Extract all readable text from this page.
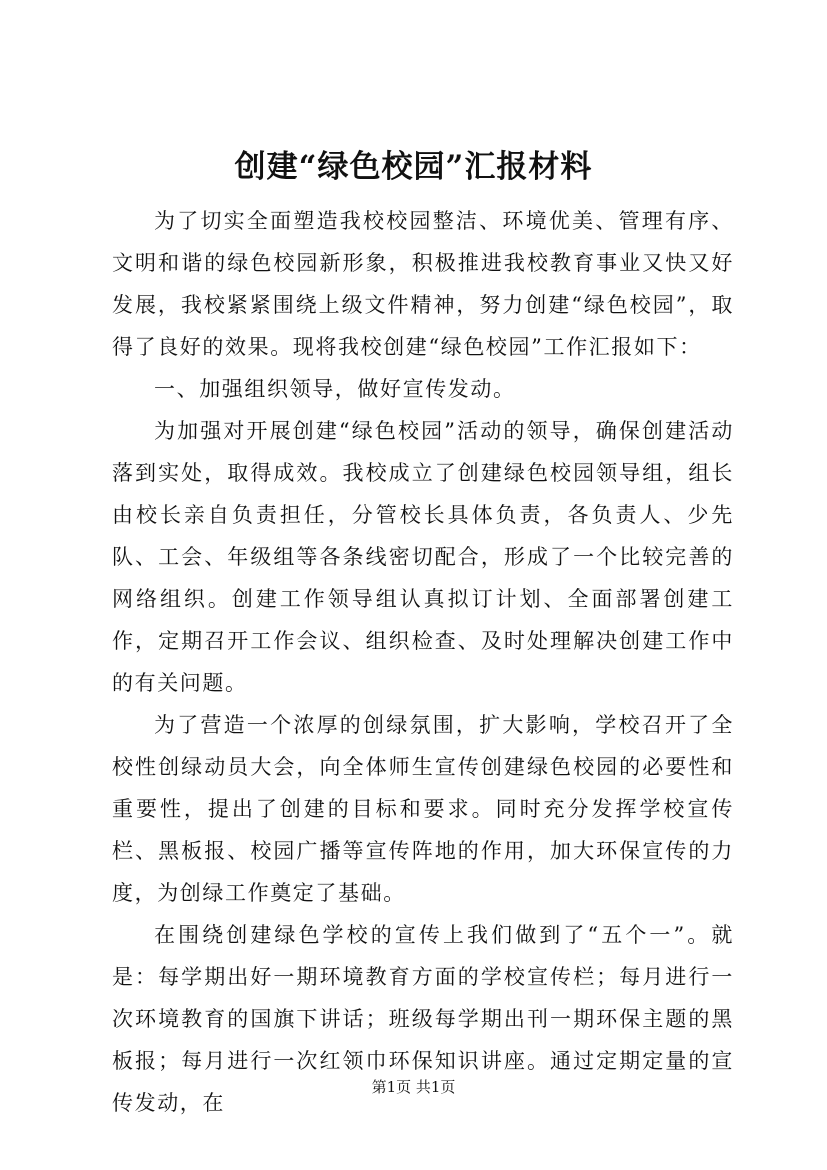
创建“绿色校园”汇报材料

为了切实全面塑造我校校园整洁、环境优美、管理有序、文明和谐的绿色校园新形象，积极推进我校教育事业又快又好发展，我校紧紧围绕上级文件精神，努力创建“绿色校园”，取得了良好的效果。现将我校创建“绿色校园”工作汇报如下：

一、加强组织领导，做好宣传发动。

为加强对开展创建“绿色校园”活动的领导，确保创建活动落到实处，取得成效。我校成立了创建绿色校园领导组，组长由校长亲自负责担任，分管校长具体负责，各负责人、少先队、工会、年级组等各条线密切配合，形成了一个比较完善的网络组织。创建工作领导组认真拟订计划、全面部署创建工作，定期召开工作会议、组织检查、及时处理解决创建工作中的有关问题。

为了营造一个浓厚的创绿氛围，扩大影响，学校召开了全校性创绿动员大会，向全体师生宣传创建绿色校园的必要性和重要性，提出了创建的目标和要求。同时充分发挥学校宣传栏、黑板报、校园广播等宣传阵地的作用，加大环保宣传的力度，为创绿工作奠定了基础。

在围绕创建绿色学校的宣传上我们做到了“五个一”。就是：每学期出好一期环境教育方面的学校宣传栏；每月进行一次环境教育的国旗下讲话；班级每学期出刊一期环保主题的黑板报；每月进行一次红领巾环保知识讲座。通过定期定量的宣传发动，在

第1页 共1页
